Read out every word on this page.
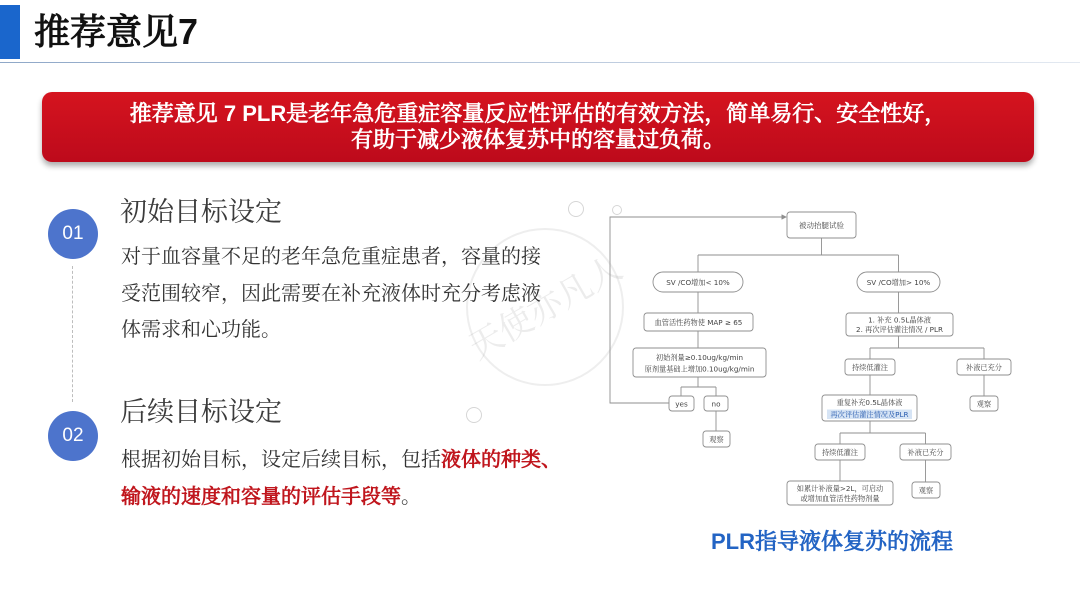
推荐意见7
推荐意见 7 PLR是老年急危重症容量反应性评估的有效方法，简单易行、安全性好，
有助于减少液体复苏中的容量过负荷。
天使亦凡人
01
初始目标设定
对于血容量不足的老年急危重症患者，容量的接
受范围较窄，因此需要在补充液体时充分考虑液
体需求和心功能。
02
后续目标设定
根据初始目标，设定后续目标，包括液体的种类、
输液的速度和容量的评估手段等。
被动抬腿试验
SV /CO增加< 10%
血管活性药物使 MAP ≥ 65
初始剂量≥0.10ug/kg/min
原剂量基础上增加0.10ug/kg/min
yes	no
观察
SV /CO增加> 10%
1. 补充 0.5L晶体液
2. 再次评估灌注情况 / PLR
持续低灌注	补液已充分
观察
重复补充0.5L晶体液
再次评估灌注情况及PLR
持续低灌注	补液已充分
如累计补液量>2L，可启动
或增加血管活性药物剂量
观察
PLR指导液体复苏的流程
